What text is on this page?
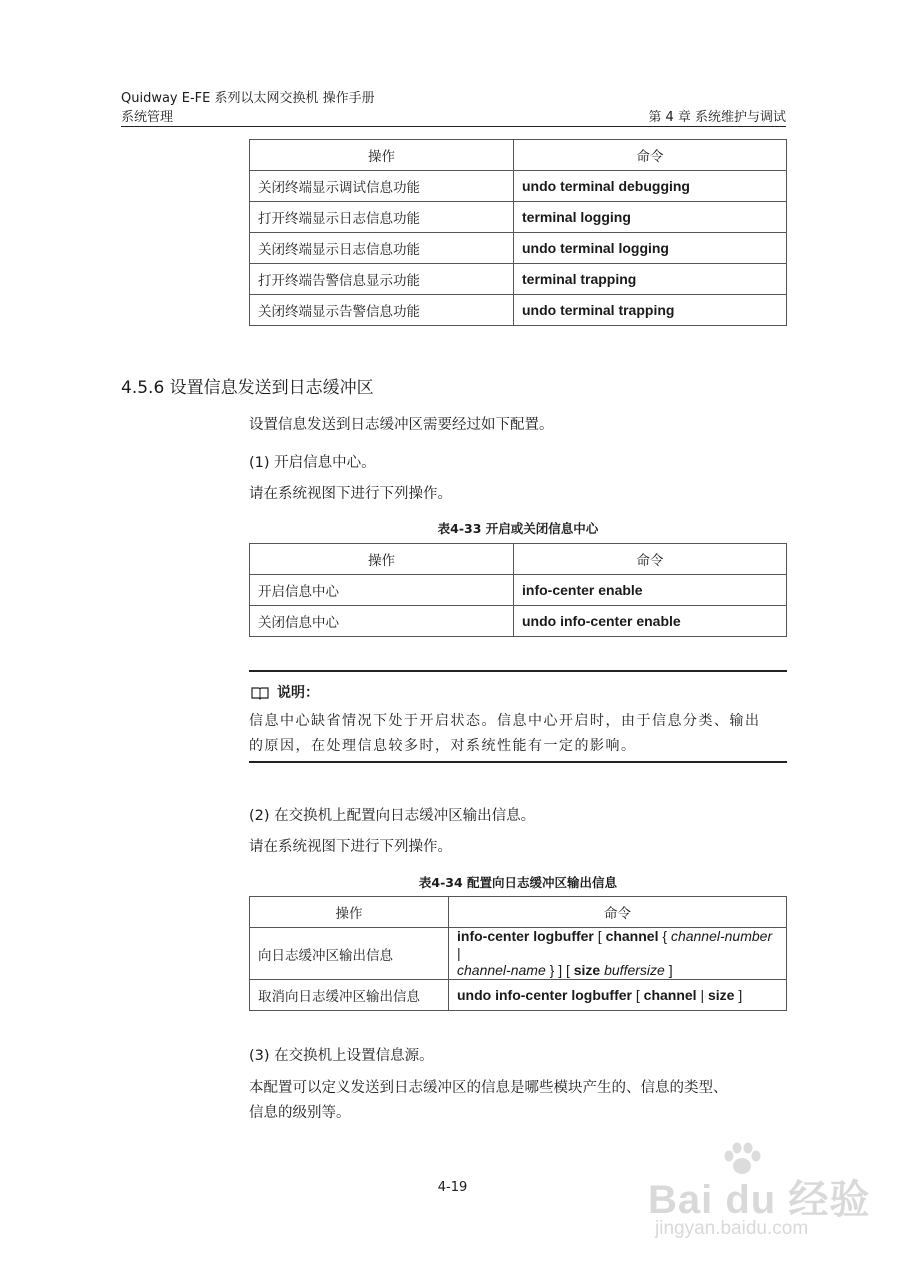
Quidway E-FE 系列以太网交换机 操作手册
系统管理	第 4 章 系统维护与调试
操作	命令
关闭终端显示调试信息功能	undo terminal debugging
打开终端显示日志信息功能	terminal logging
关闭终端显示日志信息功能	undo terminal logging
打开终端告警信息显示功能	terminal trapping
关闭终端显示告警信息功能	undo terminal trapping
4.5.6 设置信息发送到日志缓冲区
设置信息发送到日志缓冲区需要经过如下配置。
(1) 开启信息中心。
请在系统视图下进行下列操作。
表4-33 开启或关闭信息中心
操作	命令
开启信息中心	info-center enable
关闭信息中心	undo info-center enable
说明：
信息中心缺省情况下处于开启状态。信息中心开启时，由于信息分类、输出
的原因，在处理信息较多时，对系统性能有一定的影响。
(2) 在交换机上配置向日志缓冲区输出信息。
请在系统视图下进行下列操作。
表4-34 配置向日志缓冲区输出信息
操作	命令
向日志缓冲区输出信息	info-center logbuffer [ channel { channel-number |
channel-name } ] [ size buffersize ]
取消向日志缓冲区输出信息	undo info-center logbuffer [ channel | size ]
(3) 在交换机上设置信息源。
本配置可以定义发送到日志缓冲区的信息是哪些模块产生的、信息的类型、
信息的级别等。
4-19	Bai du 经验
jingyan.baidu.com
